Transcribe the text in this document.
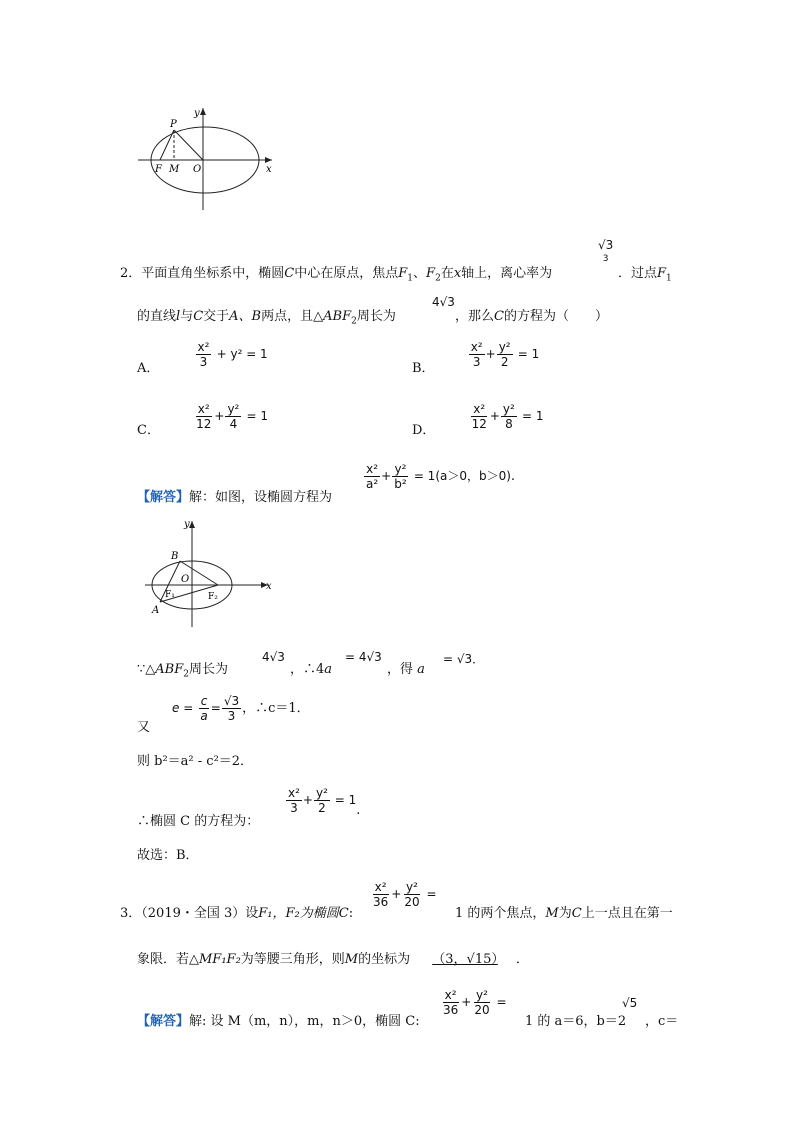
P
y
F M O	x
2．平面直角坐标系中，椭圆C中心在原点，焦点$F_1$、$F_2$在x轴上，离心率为
√3
3
．过点$F_1$
的直线l与C交于A、B两点，且$\triangle ABF_2$周长为
4√3
，那么C的方程为（　　）
A．	$\frac{\text{x²}}{3} + y^2 = 1$
B．	$\frac{\text{x²}}{3} + \frac{\text{y²}}{2} = 1$
C．	$\frac{\text{x²}}{12} + \frac{\text{y²}}{4} = 1$
D．	$\frac{\text{x²}}{12} + \frac{\text{y²}}{8} = 1$
【解答】解：如图，设椭圆方程为
$\frac{\text{x²}}{\text{a²}} + \frac{\text{y²}}{\text{b²}} = 1(a>0$，b＞0).
y
B
O
x
F₁	F₂
A
$\because\triangle ABF_2$周长为
4√3
，∴4a
= 4√3
，得 a
= √3．
又
$e = \frac{c}{a} = \frac{√3}{3}$ ，∴c＝1．
则 b²＝a² - c²＝2．
∴椭圆 C 的方程为：
$\frac{\text{x²}}{3} + \frac{\text{y²}}{2} = 1$.
故选：B．
3．（2019・全国 3）设F₁，F₂为椭圆C:
$\frac{\text{x²}}{36} + \frac{\text{y²}}{20}$ =
1 的两个焦点，M为C上一点且在第一
象限．若△MF₁F₂为等腰三角形，则M的坐标为 （3，√15） ．
【解答】解: 设 M（m，n），m，n＞0，椭圆 C:
$\frac{\text{x²}}{36} + \frac{\text{y²}}{20}$ =
1 的 a＝6，b＝2
√5
，c＝
